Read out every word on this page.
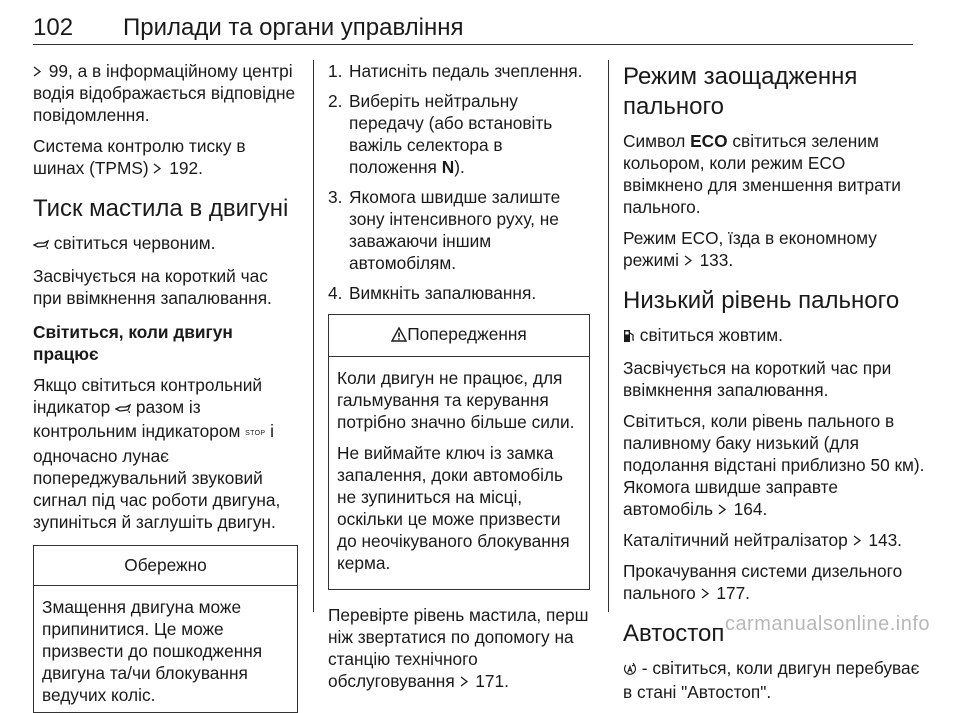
102 Прилади та органи управління

99, а в інформаційному центрі водія відображається відповідне повідомлення.

Система контролю тиску в шинах (TPMS)
192.

Тиск мастила в двигуні

світиться червоним.

Засвічується на короткий час при ввімкнення запалювання.

Світиться, коли двигун працює

Якщо світиться контрольний індикатор  разом із контрольним індикатором STOP і одночасно лунає попереджувальний звуковий сигнал під час роботи двигуна, зупиніться й заглушіть двигун.

Обережно
Змащення двигуна може припинитися. Це може призвести до пошкодження двигуна та/чи блокування ведучих коліс.
1. Натисніть педаль зчеплення.
2. Виберіть нейтральну передачу (або встановіть важіль селектора в положення N).
3. Якомога швидше залиште зону інтенсивного руху, не заважаючи іншим автомобілям.
4. Вимкніть запалювання.
Попередження

Коли двигун не працює, для гальмування та керування потрібно значно більше сили.

Не виймайте ключ із замка запалення, доки автомобіль не зупиниться на місці, оскільки це може призвести до неочікуваного блокування керма.

Перевірте рівень мастила, перш ніж звертатися по допомогу на станцію технічного обслуговування
171.

Режим заощадження пального

Символ ECO світиться зеленим кольором, коли режим ECO ввімкнено для зменшення витрати пального.

Режим ECO, їзда в економному режимі
133.

Низький рівень пального

світиться жовтим.

Засвічується на короткий час при ввімкнення запалювання.

Світиться, коли рівень пального в паливному баку низький (для подолання відстані приблизно 50 км). Якомога швидше заправте автомобіль
164.

Каталітичний нейтралізатор
143.

Прокачування системи дизельного пального
177.

Автостоп

- світиться, коли двигун перебуває в стані "Автостоп".

carmanualsonline.info
